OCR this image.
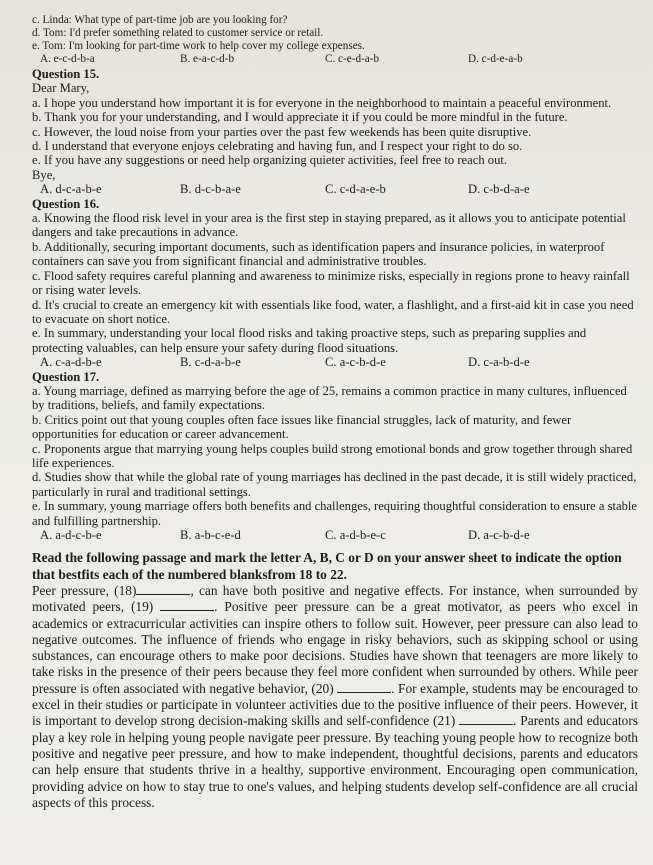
c. Linda: What type of part-time job are you looking for?

d. Tom: I'd prefer something related to customer service or retail.

e. Tom: I'm looking for part-time work to help cover my college expenses.

A. e-c-d-b-a	B. e-a-c-d-b	C. c-e-d-a-b	D. c-d-e-a-b

Question 15.

Dear Mary,

a. I hope you understand how important it is for everyone in the neighborhood to maintain a peaceful environment.

b. Thank you for your understanding, and I would appreciate it if you could be more mindful in the future.

c. However, the loud noise from your parties over the past few weekends has been quite disruptive.

d. I understand that everyone enjoys celebrating and having fun, and I respect your right to do so.

e. If you have any suggestions or need help organizing quieter activities, feel free to reach out.

Bye,

A. d-c-a-b-e	B. d-c-b-a-e	C. c-d-a-e-b	D. c-b-d-a-e

Question 16.

a. Knowing the flood risk level in your area is the first step in staying prepared, as it allows you to anticipate potential dangers and take precautions in advance.

b. Additionally, securing important documents, such as identification papers and insurance policies, in waterproof containers can save you from significant financial and administrative troubles.

c. Flood safety requires careful planning and awareness to minimize risks, especially in regions prone to heavy rainfall or rising water levels.

d. It's crucial to create an emergency kit with essentials like food, water, a flashlight, and a first-aid kit in case you need to evacuate on short notice.

e. In summary, understanding your local flood risks and taking proactive steps, such as preparing supplies and protecting valuables, can help ensure your safety during flood situations.

A. c-a-d-b-e	B. c-d-a-b-e	C. a-c-b-d-e	D. c-a-b-d-e

Question 17.

a. Young marriage, defined as marrying before the age of 25, remains a common practice in many cultures, influenced by traditions, beliefs, and family expectations.

b. Critics point out that young couples often face issues like financial struggles, lack of maturity, and fewer opportunities for education or career advancement.

c. Proponents argue that marrying young helps couples build strong emotional bonds and grow together through shared life experiences.

d. Studies show that while the global rate of young marriages has declined in the past decade, it is still widely practiced, particularly in rural and traditional settings.

e. In summary, young marriage offers both benefits and challenges, requiring thoughtful consideration to ensure a stable and fulfilling partnership.

A. a-d-c-b-e	B. a-b-c-e-d	C. a-d-b-e-c	D. a-c-b-d-e

Read the following passage and mark the letter A, B, C or D on your answer sheet to indicate the option that bestfits each of the numbered blanksfrom 18 to 22.

Peer pressure, (18)	, can have both positive and negative effects. For instance, when surrounded by motivated peers, (19)	. Positive peer pressure can be a great motivator, as peers who excel in academics or extracurricular activities can inspire others to follow suit. However, peer pressure can also lead to negative outcomes. The influence of friends who engage in risky behaviors, such as skipping school or using substances, can encourage others to make poor decisions. Studies have shown that teenagers are more likely to take risks in the presence of their peers because they feel more confident when surrounded by others. While peer pressure is often associated with negative behavior, (20)	. For example, students may be encouraged to excel in their studies or participate in volunteer activities due to the positive influence of their peers. However, it is important to develop strong decision-making skills and self-confidence (21)	. Parents and educators play a key role in helping young people navigate peer pressure. By teaching young people how to recognize both positive and negative peer pressure, and how to make independent, thoughtful decisions, parents and educators can help ensure that students thrive in a healthy, supportive environment. Encouraging open communication, providing advice on how to stay true to one's values, and helping students develop self-confidence are all crucial aspects of this process.
